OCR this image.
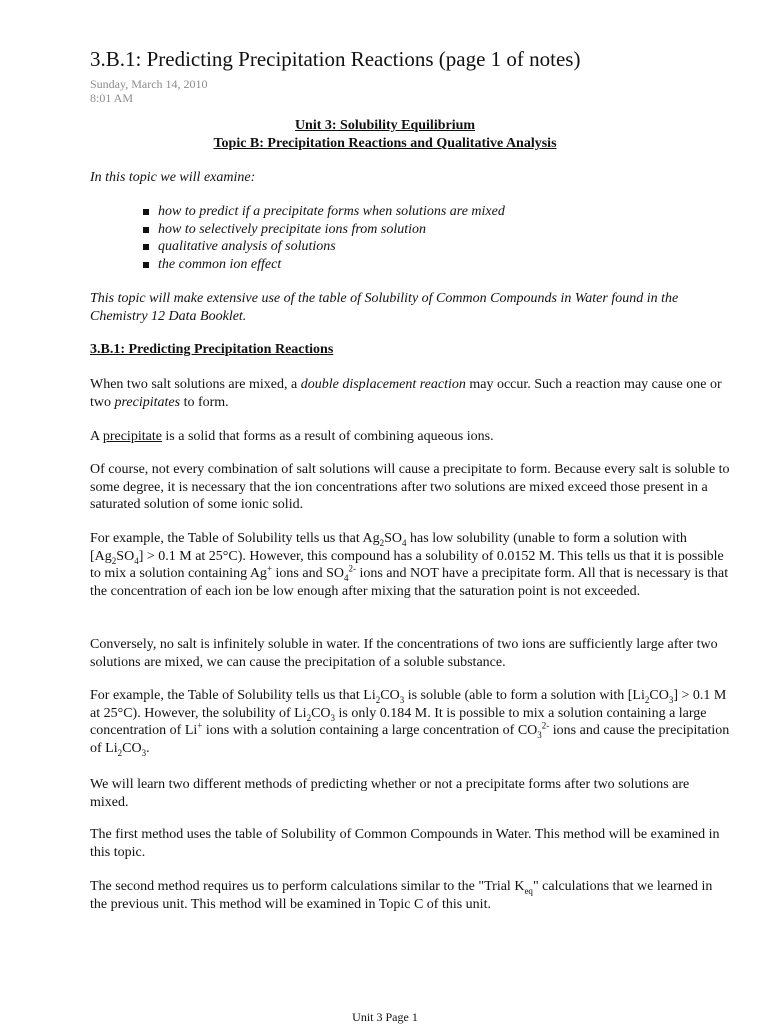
3.B.1: Predicting Precipitation Reactions (page 1 of notes)
Sunday, March 14, 2010
8:01 AM
Unit 3: Solubility Equilibrium
Topic B: Precipitation Reactions and Qualitative Analysis
In this topic we will examine:
how to predict if a precipitate forms when solutions are mixed
how to selectively precipitate ions from solution
qualitative analysis of solutions
the common ion effect
This topic will make extensive use of the table of Solubility of Common Compounds in Water found in the Chemistry 12 Data Booklet.
3.B.1: Predicting Precipitation Reactions
When two salt solutions are mixed, a double displacement reaction may occur. Such a reaction may cause one or two precipitates to form.
A precipitate is a solid that forms as a result of combining aqueous ions.
Of course, not every combination of salt solutions will cause a precipitate to form. Because every salt is soluble to some degree, it is necessary that the ion concentrations after two solutions are mixed exceed those present in a saturated solution of some ionic solid.
For example, the Table of Solubility tells us that $Ag_2SO_4$ has low solubility (unable to form a solution with $[Ag_2SO_4] > 0.1$ M at 25°C). However, this compound has a solubility of 0.0152 M. This tells us that it is possible to mix a solution containing Ag+ ions and $SO_4^{2-}$ ions and NOT have a precipitate form. All that is necessary is that the concentration of each ion be low enough after mixing that the saturation point is not exceeded.
Conversely, no salt is infinitely soluble in water. If the concentrations of two ions are sufficiently large after two solutions are mixed, we can cause the precipitation of a soluble substance.
For example, the Table of Solubility tells us that $Li_2CO_3$ is soluble (able to form a solution with $[Li_2CO_3] > 0.1$ M at 25°C). However, the solubility of $Li_2CO_3$ is only 0.184 M. It is possible to mix a solution containing a large concentration of Li+ ions with a solution containing a large concentration of $CO_3^{2-}$ ions and cause the precipitation of $Li_2CO_3$.
We will learn two different methods of predicting whether or not a precipitate forms after two solutions are mixed.
The first method uses the table of Solubility of Common Compounds in Water. This method will be examined in this topic.
The second method requires us to perform calculations similar to the "Trial $K_{eq}$" calculations that we learned in the previous unit. This method will be examined in Topic C of this unit.
Unit 3 Page 1
